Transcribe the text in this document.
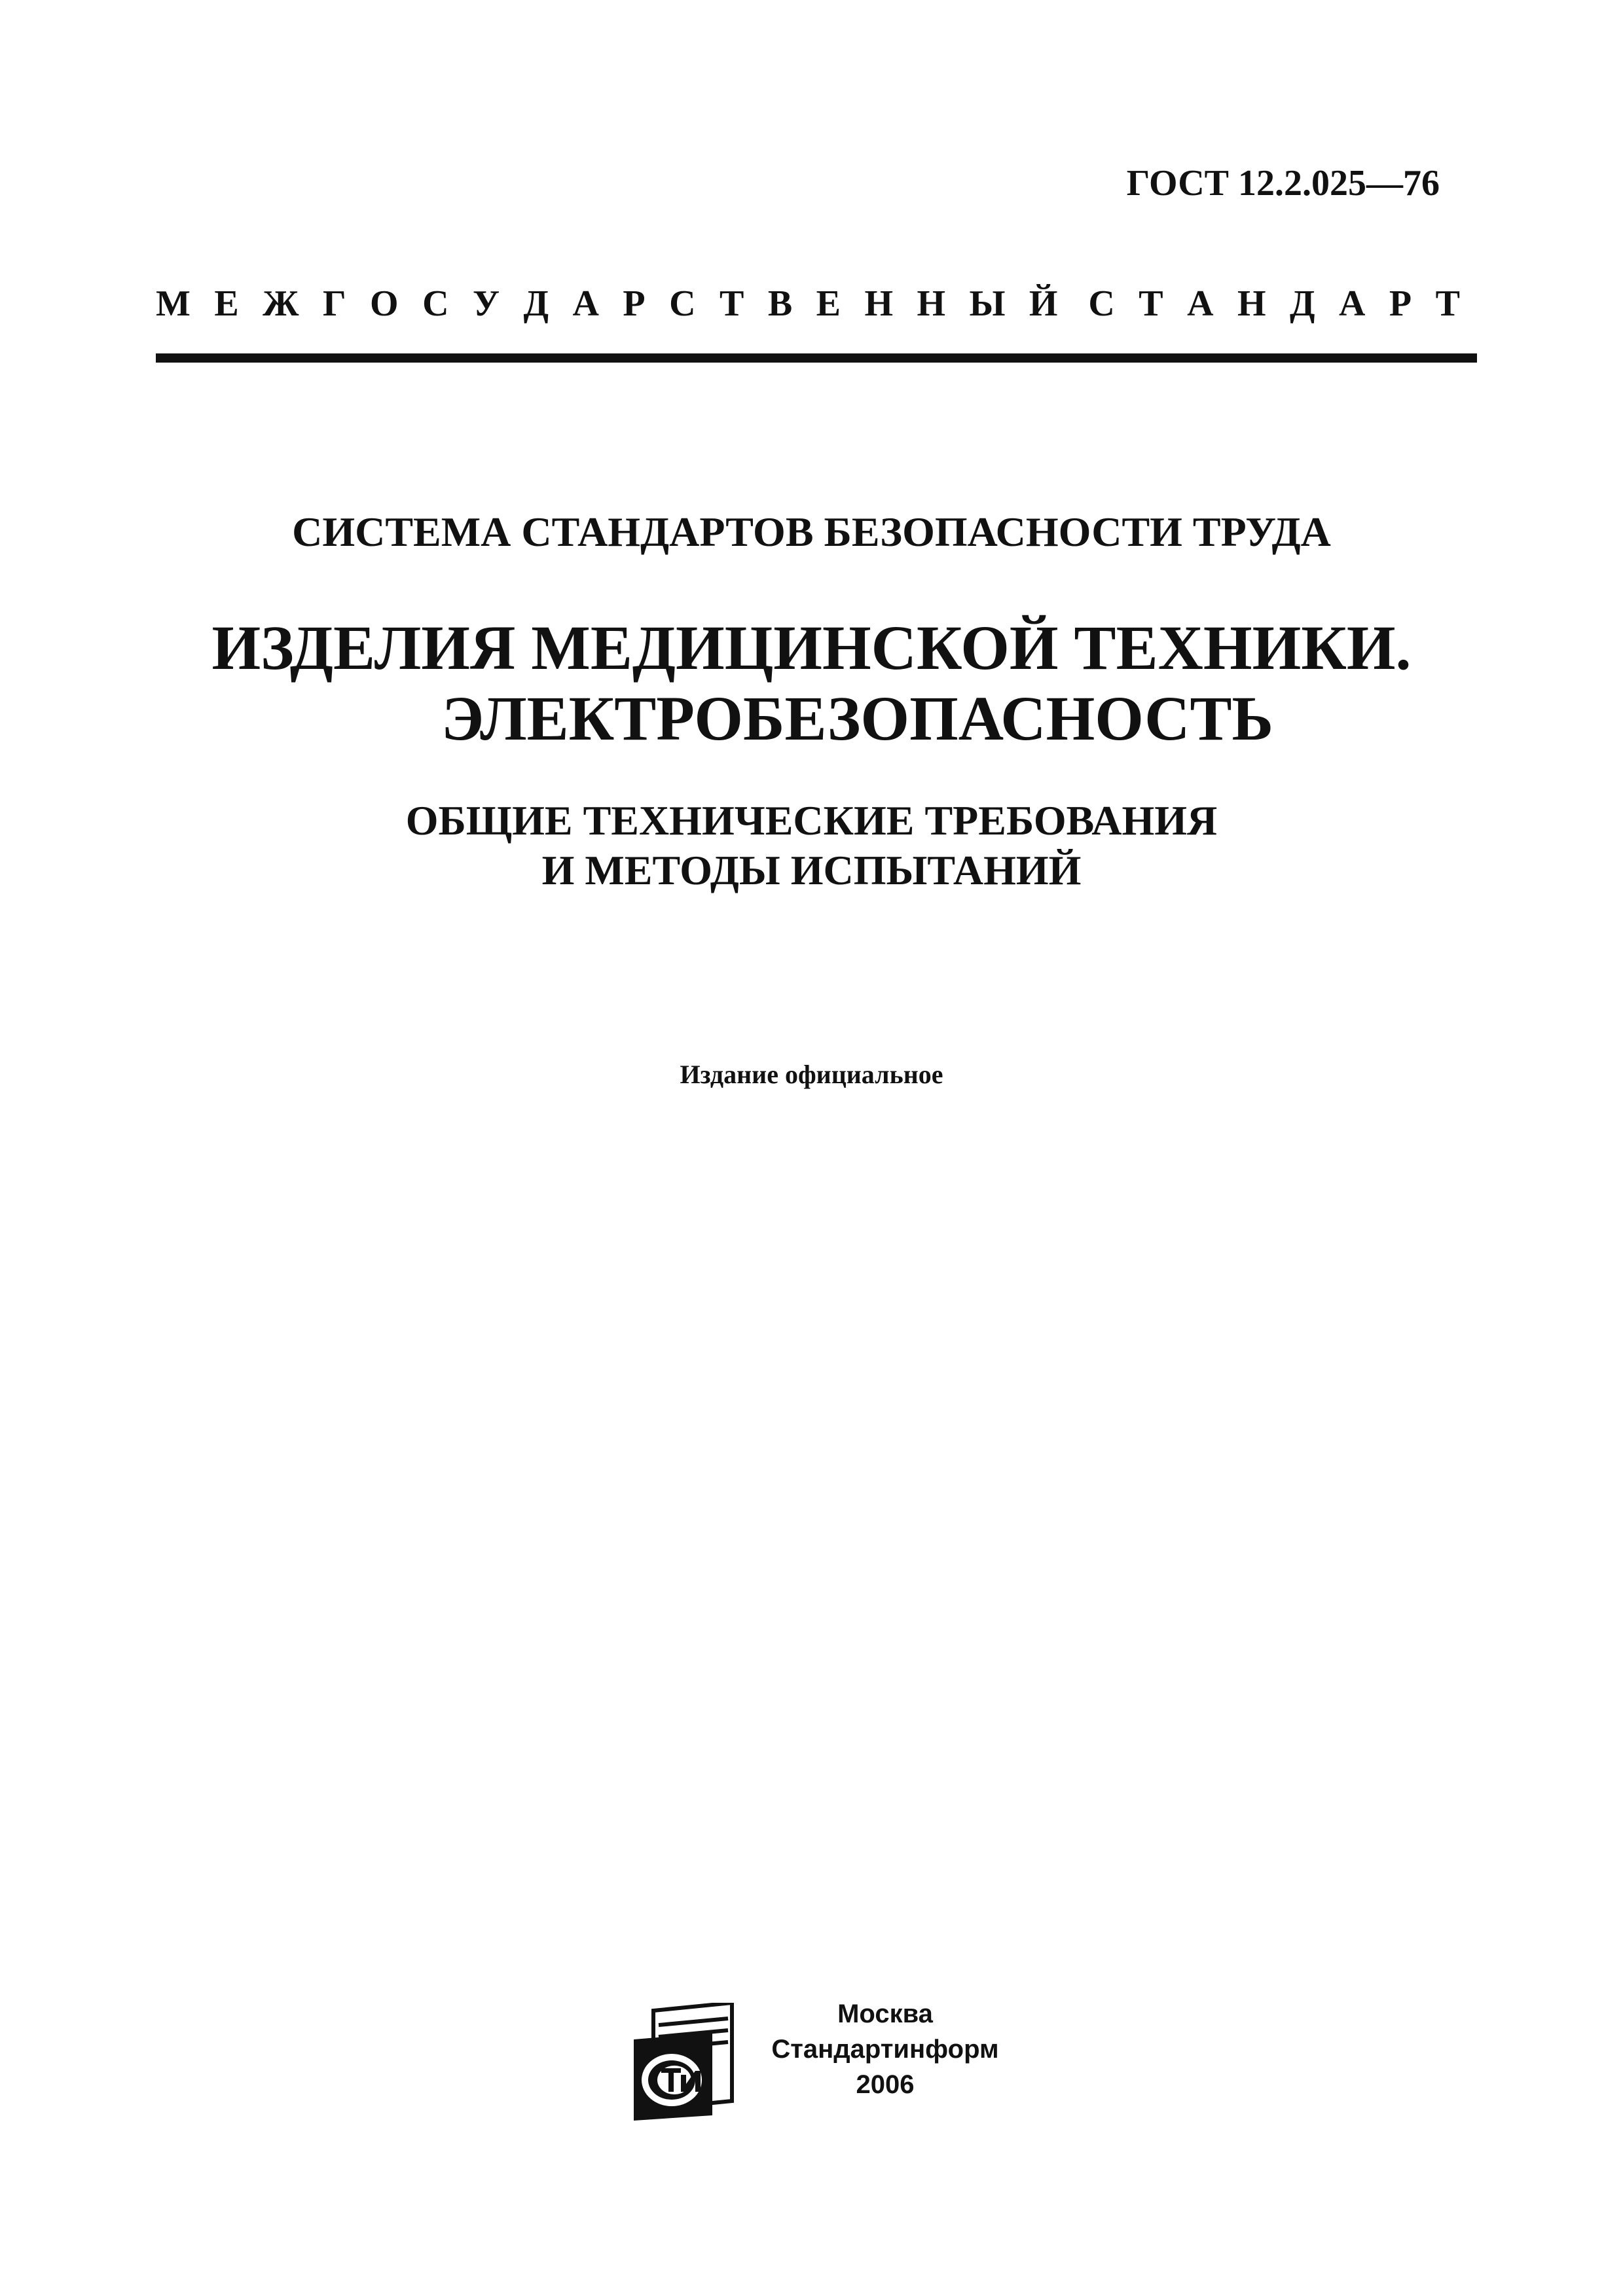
ГОСТ 12.2.025—76
М Е Ж Г О С У Д А Р С Т В Е Н Н Ы Й С Т А Н Д А Р Т
СИСТЕМА СТАНДАРТОВ БЕЗОПАСНОСТИ ТРУДА
ИЗДЕЛИЯ МЕДИЦИНСКОЙ ТЕХНИКИ.
ЭЛЕКТРОБЕЗОПАСНОСТЬ
ОБЩИЕ ТЕХНИЧЕСКИЕ ТРЕБОВАНИЯ
И МЕТОДЫ ИСПЫТАНИЙ
Издание официальное
Москва
Стандартинформ
2006
